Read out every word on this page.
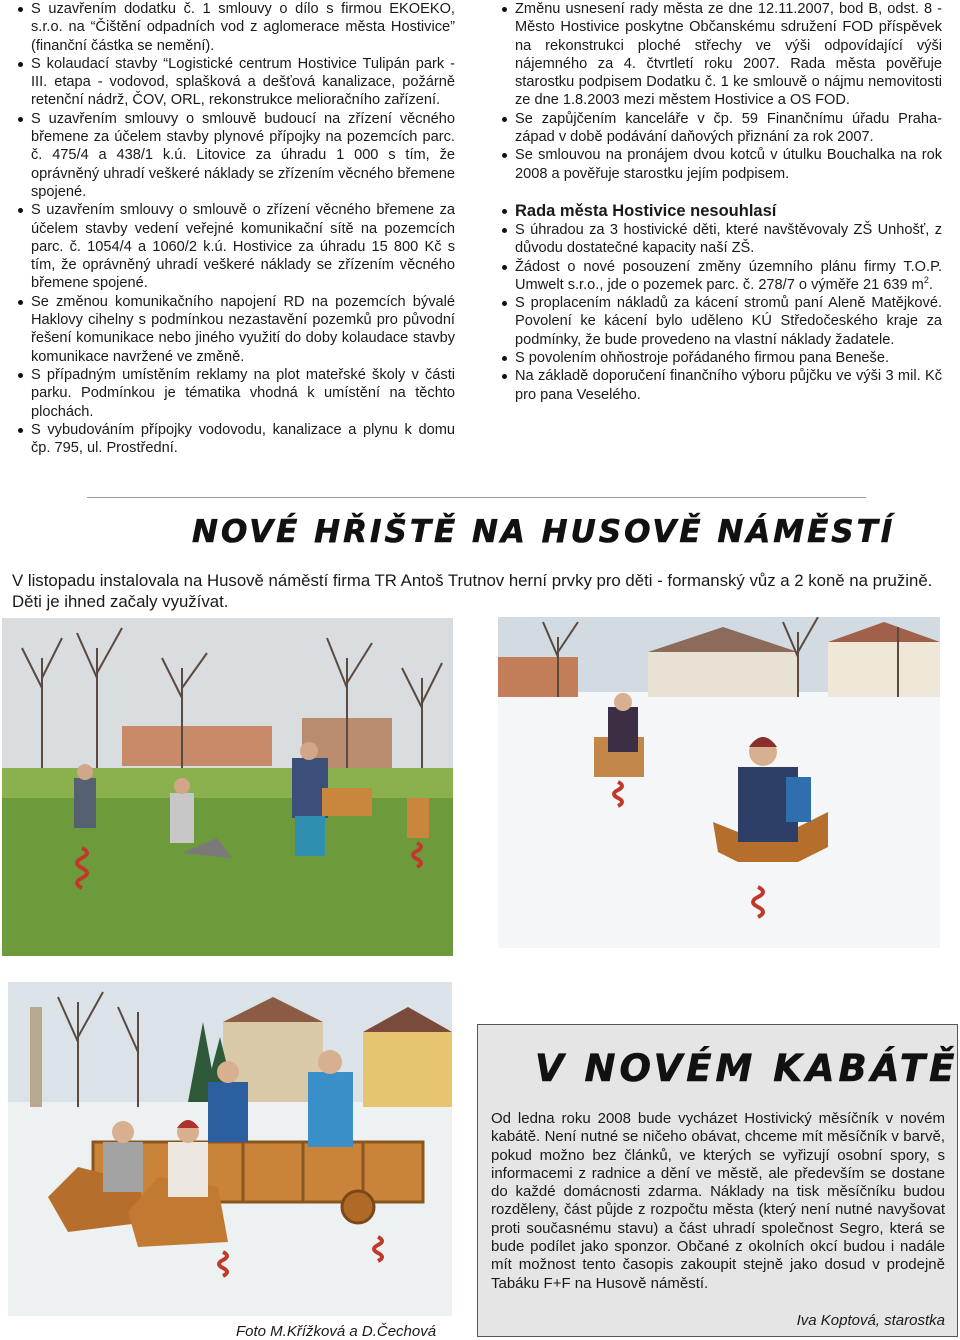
S uzavřením dodatku č. 1 smlouvy o dílo s firmou EKOEKO, s.r.o. na “Čištění odpadních vod z aglomerace města Hostivice” (finanční částka se nemění).
S kolaudací stavby “Logistické centrum Hostivice Tulipán park - III. etapa - vodovod, splašková a dešťová kanalizace, požárně retenční nádrž, ČOV, ORL, rekonstrukce melioračního zařízení.
S uzavřením smlouvy o smlouvě budoucí na zřízení věcného břemene za účelem stavby plynové přípojky na pozemcích parc. č. 475/4 a 438/1 k.ú. Litovice za úhradu 1 000 s tím, že oprávněný uhradí veškeré náklady se zřízením věcného břemene spojené.
S uzavřením smlouvy o smlouvě o zřízení věcného břemene za účelem stavby vedení veřejné komunikační sítě na pozemcích parc. č. 1054/4 a 1060/2 k.ú. Hostivice za úhradu 15 800 Kč s tím, že oprávněný uhradí veškeré náklady se zřízením věcného břemene spojené.
Se změnou komunikačního napojení RD na pozemcích bývalé Haklovy cihelny s podmínkou nezastavění pozemků pro původní řešení komunikace nebo jiného využití do doby kolaudace stavby komunikace navržené ve změně.
S případným umístěním reklamy na plot mateřské školy v části parku. Podmínkou je tématika vhodná k umístění na těchto plochách.
S vybudováním přípojky vodovodu, kanalizace a plynu k domu čp. 795, ul. Prostřední.
Změnu usnesení rady města ze dne 12.11.2007, bod B, odst. 8 - Město Hostivice poskytne Občanskému sdružení FOD příspěvek na rekonstrukci ploché střechy ve výši odpovídající výši nájemného za 4. čtvrtletí roku 2007. Rada města pověřuje starostku podpisem Dodatku č. 1 ke smlouvě o nájmu nemovitosti ze dne 1.8.2003 mezi městem Hostivice a OS FOD.
Se zapůjčením kanceláře v čp. 59 Finančnímu úřadu Praha-západ v době podávání daňových přiznání za rok 2007.
Se smlouvou na pronájem dvou kotců v útulku Bouchalka na rok 2008 a pověřuje starostku jejím podpisem.
Rada města Hostivice nesouhlasí
S úhradou za 3 hostivické děti, které navštěvovaly ZŠ Unhošť, z důvodu dostatečné kapacity naší ZŠ.
Žádost o nové posouzení změny územního plánu firmy T.O.P. Umwelt s.r.o., jde o pozemek parc. č. 278/7 o výměře 21 639 $m^2$.
S proplacením nákladů za kácení stromů paní Aleně Matějkové. Povolení ke kácení bylo uděleno KÚ Středočeského kraje za podmínky, že bude provedeno na vlastní náklady žadatele.
S povolením ohňostroje pořádaného firmou pana Beneše.
Na základě doporučení finančního výboru půjčku ve výši 3 mil. Kč pro pana Veselého.
NOVÉ HŘIŠTĚ NA HUSOVĚ NÁMĚSTÍ
V listopadu instalovala na Husově náměstí firma TR Antoš Trutnov herní prvky pro děti - formanský vůz a 2 koně na pružině. Děti je ihned začaly využívat.
Foto M.Křížková a D.Čechová
V NOVÉM KABÁTĚ
Od ledna roku 2008 bude vycházet Hostivický měsíčník v novém kabátě. Není nutné se ničeho obávat, chceme mít měsíčník v barvě, pokud možno bez článků, ve kterých se vyřizují osobní spory, s informacemi z radnice a dění ve městě, ale především se dostane do každé domácnosti zdarma. Náklady na tisk měsíčníku budou rozděleny, část půjde z rozpočtu města (který není nutné navyšovat proti současnému stavu) a část uhradí společnost Segro, která se bude podílet jako sponzor. Občané z okolních okcí budou i nadále mít možnost tento časopis zakoupit stejně jako dosud v prodejně Tabáku F+F na Husově náměstí.
Iva Koptová, starostka
